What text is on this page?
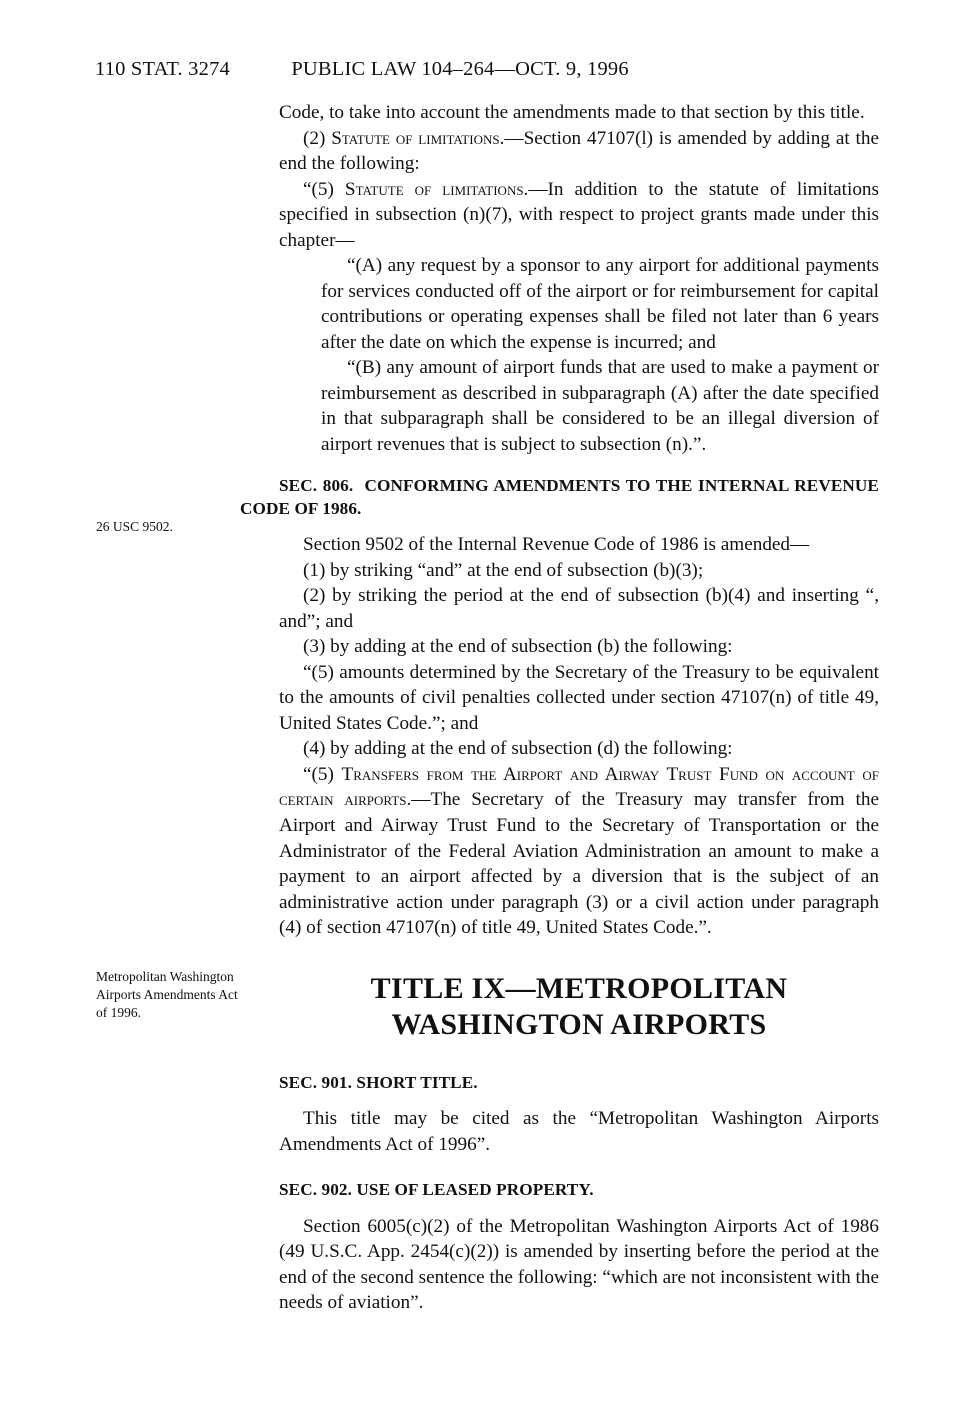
110 STAT. 3274	PUBLIC LAW 104–264—OCT. 9, 1996
26 USC 9502.
Metropolitan Washington Airports Amendments Act of 1996.

Code, to take into account the amendments made to that section by this title.

(2) Statute of limitations.—Section 47107(l) is amended by adding at the end the following:

“(5) Statute of limitations.—In addition to the statute of limitations specified in subsection (n)(7), with respect to project grants made under this chapter—

“(A) any request by a sponsor to any airport for additional payments for services conducted off of the airport or for reimbursement for capital contributions or operating expenses shall be filed not later than 6 years after the date on which the expense is incurred; and

“(B) any amount of airport funds that are used to make a payment or reimbursement as described in subparagraph (A) after the date specified in that subparagraph shall be considered to be an illegal diversion of airport revenues that is subject to subsection (n).”.

SEC. 806. CONFORMING AMENDMENTS TO THE INTERNAL REVENUE CODE OF 1986.

Section 9502 of the Internal Revenue Code of 1986 is amended—

(1) by striking “and” at the end of subsection (b)(3);

(2) by striking the period at the end of subsection (b)(4) and inserting “, and”; and

(3) by adding at the end of subsection (b) the following:

“(5) amounts determined by the Secretary of the Treasury to be equivalent to the amounts of civil penalties collected under section 47107(n) of title 49, United States Code.”; and

(4) by adding at the end of subsection (d) the following:

“(5) Transfers from the Airport and Airway Trust Fund on account of certain airports.—The Secretary of the Treasury may transfer from the Airport and Airway Trust Fund to the Secretary of Transportation or the Administrator of the Federal Aviation Administration an amount to make a payment to an airport affected by a diversion that is the subject of an administrative action under paragraph (3) or a civil action under paragraph (4) of section 47107(n) of title 49, United States Code.”.

TITLE IX—METROPOLITAN
WASHINGTON AIRPORTS

SEC. 901. SHORT TITLE.

This title may be cited as the “Metropolitan Washington Airports Amendments Act of 1996”.

SEC. 902. USE OF LEASED PROPERTY.

Section 6005(c)(2) of the Metropolitan Washington Airports Act of 1986 (49 U.S.C. App. 2454(c)(2)) is amended by inserting before the period at the end of the second sentence the following: “which are not inconsistent with the needs of aviation”.
